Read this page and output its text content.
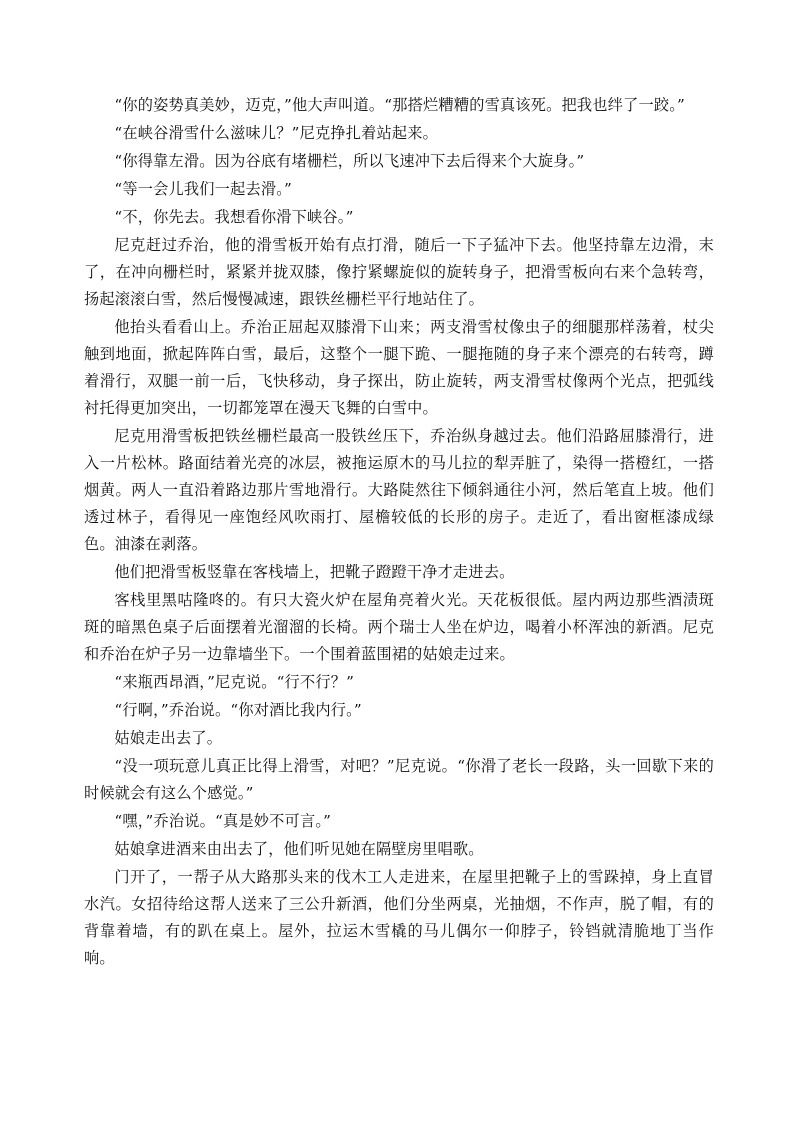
“你的姿势真美妙，迈克，”他大声叫道。“那搭烂糟糟的雪真该死。把我也绊了一跤。”

“在峡谷滑雪什么滋味儿？”尼克挣扎着站起来。

“你得靠左滑。因为谷底有堵栅栏，所以飞速冲下去后得来个大旋身。”

“等一会儿我们一起去滑。”

“不，你先去。我想看你滑下峡谷。”

尼克赶过乔治，他的滑雪板开始有点打滑，随后一下子猛冲下去。他坚持靠左边滑，末了，在冲向栅栏时，紧紧并拢双膝，像拧紧螺旋似的旋转身子，把滑雪板向右来个急转弯，扬起滚滚白雪，然后慢慢减速，跟铁丝栅栏平行地站住了。

他抬头看看山上。乔治正屈起双膝滑下山来；两支滑雪杖像虫子的细腿那样荡着，杖尖触到地面，掀起阵阵白雪，最后，这整个一腿下跪、一腿拖随的身子来个漂亮的右转弯，蹲着滑行，双腿一前一后，飞快移动，身子探出，防止旋转，两支滑雪杖像两个光点，把弧线衬托得更加突出，一切都笼罩在漫天飞舞的白雪中。

尼克用滑雪板把铁丝栅栏最高一股铁丝压下，乔治纵身越过去。他们沿路屈膝滑行，进入一片松林。路面结着光亮的冰层，被拖运原木的马儿拉的犁弄脏了，染得一搭橙红，一搭烟黄。两人一直沿着路边那片雪地滑行。大路陡然往下倾斜通往小河，然后笔直上坡。他们透过林子，看得见一座饱经风吹雨打、屋檐较低的长形的房子。走近了，看出窗框漆成绿色。油漆在剥落。

他们把滑雪板竖靠在客栈墙上，把靴子蹬蹬干净才走进去。

客栈里黑咕隆咚的。有只大瓷火炉在屋角亮着火光。天花板很低。屋内两边那些酒渍斑斑的暗黑色桌子后面摆着光溜溜的长椅。两个瑞士人坐在炉边，喝着小杯浑浊的新酒。尼克和乔治在炉子另一边靠墙坐下。一个围着蓝围裙的姑娘走过来。

“来瓶西昂酒，”尼克说。“行不行？”

“行啊，”乔治说。“你对酒比我内行。”

姑娘走出去了。

“没一项玩意儿真正比得上滑雪，对吧？”尼克说。“你滑了老长一段路，头一回歇下来的时候就会有这么个感觉。”

“嘿，”乔治说。“真是妙不可言。”

姑娘拿进酒来由出去了，他们听见她在隔壁房里唱歌。

门开了，一帮子从大路那头来的伐木工人走进来，在屋里把靴子上的雪跺掉，身上直冒水汽。女招待给这帮人送来了三公升新酒，他们分坐两桌，光抽烟，不作声，脱了帽，有的背靠着墙，有的趴在桌上。屋外，拉运木雪橇的马儿偶尔一仰脖子，铃铛就清脆地丁当作响。
